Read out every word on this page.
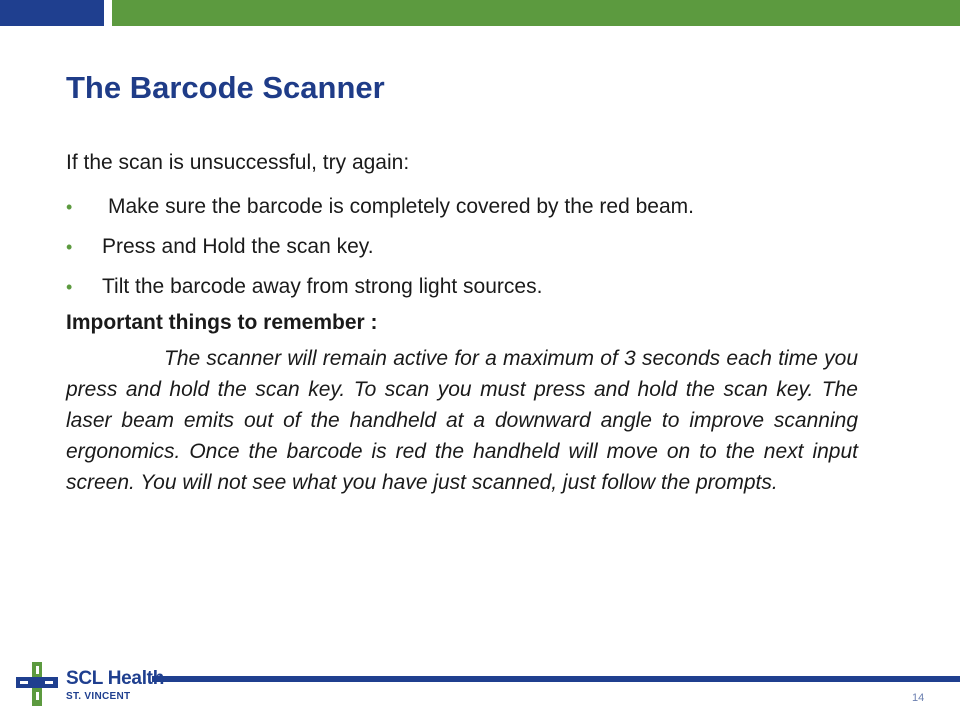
The Barcode Scanner

If the scan is unsuccessful, try again:

• Make sure the barcode is completely covered by the red beam.
• Press and Hold the scan key.
• Tilt the barcode away from strong light sources.

Important things to remember :

The scanner will remain active for a maximum of 3 seconds each time you press and hold the scan key. To scan you must press and hold the scan key. The laser beam emits out of the handheld at a downward angle to improve scanning ergonomics. Once the barcode is red the handheld will move on to the next input screen. You will not see what you have just scanned, just follow the prompts.

SCL Health
ST. VINCENT	14
